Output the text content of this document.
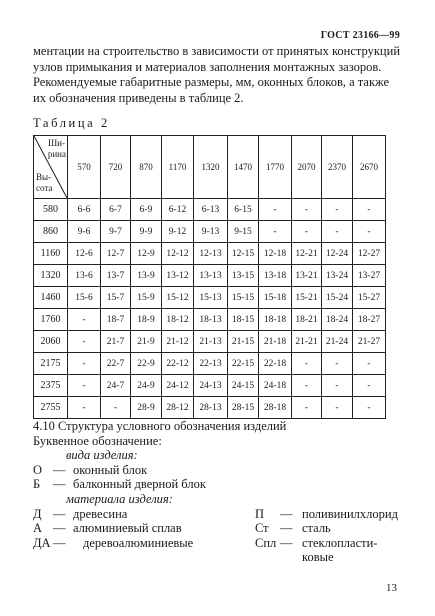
ГОСТ 23166—99
ментации на строительство в зависимости от принятых конструкций
узлов примыкания и материалов заполнения монтажных зазоров.
Рекомендуемые габаритные размеры, мм, оконных блоков, а также
их обозначения приведены в таблице 2.
Таблица 2
Ши-
рина
Вы-
сота	570	720	870	1170	1320	1470	1770	2070	2370	2670
580	6-6	6-7	6-9	6-12	6-13	6-15	-	-	-	-
860	9-6	9-7	9-9	9-12	9-13	9-15	-	-	-	-
1160	12-6	12-7	12-9	12-12	12-13	12-15	12-18	12-21	12-24	12-27
1320	13-6	13-7	13-9	13-12	13-13	13-15	13-18	13-21	13-24	13-27
1460	15-6	15-7	15-9	15-12	15-13	15-15	15-18	15-21	15-24	15-27
1760	-	18-7	18-9	18-12	18-13	18-15	18-18	18-21	18-24	18-27
2060	-	21-7	21-9	21-12	21-13	21-15	21-18	21-21	21-24	21-27
2175	-	22-7	22-9	22-12	22-13	22-15	22-18	-	-	-
2375	-	24-7	24-9	24-12	24-13	24-15	24-18	-	-	-
2755	-	-	28-9	28-12	28-13	28-15	28-18	-	-	-
4.10 Структура условного обозначения изделий
Буквенное обозначение:
вида изделия:
О — оконный блок
Б — балконный дверной блок
материала изделия:
Д — древесина	П — поливинилхлорид
А — алюминиевый сплав	Ст — сталь
ДА — деревоалюминиевые	Спл — стеклопласти-
ковые
13
